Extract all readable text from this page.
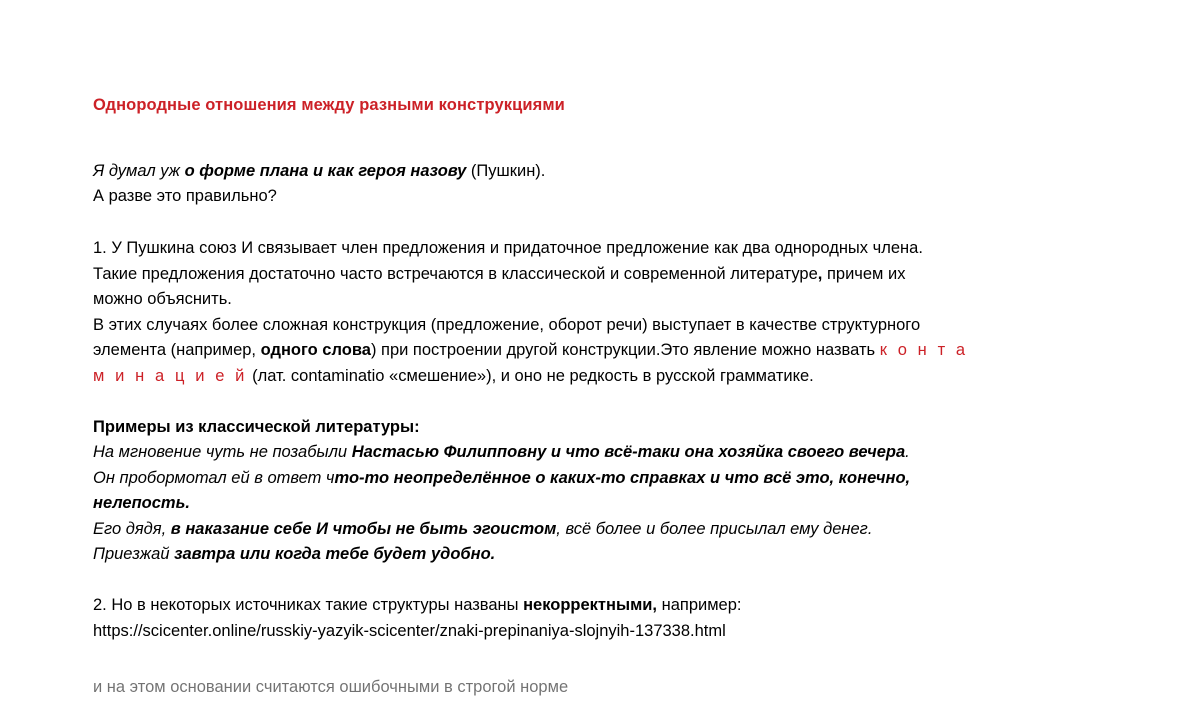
Однородные отношения между разными конструкциями
Я думал уж о форме плана и как героя назову (Пушкин).
А разве это правильно?
1. У Пушкина союз И связывает член предложения и придаточное предложение как два однородных члена.
Такие предложения достаточно часто встречаются в классической и современной литературе, причем их
можно объяснить.
В этих случаях более сложная конструкция (предложение, оборот речи) выступает в качестве структурного
элемента (например, одного слова) при построении другой конструкции.Это явление можно назвать к о н т а
м и н а ц и е й (лат. contaminatio «смешение»), и оно не редкость в русской грамматике.
Примеры из классической литературы:
На мгновение чуть не позабыли Настасью Филипповну и что всё-таки она хозяйка своего вечера.
Он пробормотал ей в ответ что-то неопределённое о каких-то справках и что всё это, конечно,
нелепость.
Его дядя, в наказание себе И чтобы не быть эгоистом, всё более и более присылал ему денег.
Приезжай завтра или когда тебе будет удобно.
2. Но в некоторых источниках такие структуры названы некорректными, например:
https://scicenter.online/russkiy-yazyik-scicenter/znaki-prepinaniya-slojnyih-137338.html
и на этом основании считаются ошибочными в строгой норме
